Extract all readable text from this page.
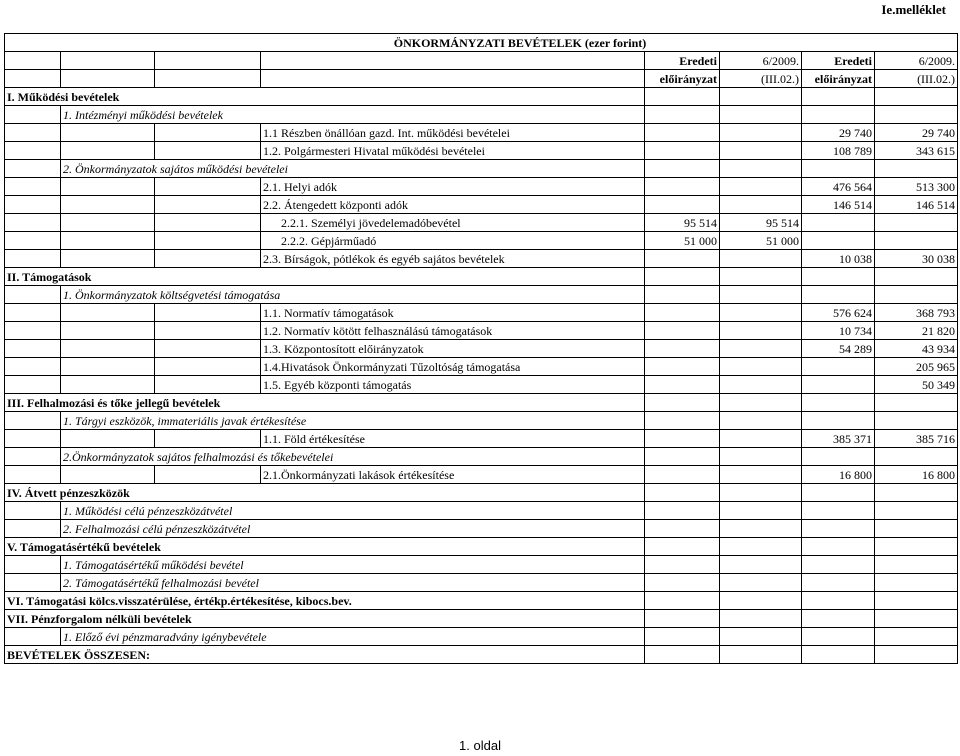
Ie.melléklet
ÖNKORMÁNYZATI BEVÉTELEK (ezer forint)							
				Eredeti	6/2009.	Eredeti	6/2009.
				előirányzat	(III.02.)	előirányzat	(III.02.)
I. Működési bevételek							
	1. Intézményi működési bevételek						
			1.1 Részben önállóan gazd. Int. működési bevételei			29 740	29 740
			1.2. Polgármesteri Hivatal működési bevételei			108 789	343 615
	2. Önkormányzatok sajátos működési bevételei						
			2.1. Helyi adók			476 564	513 300
			2.2. Átengedett központi adók			146 514	146 514
			2.2.1. Személyi jövedelemadóbevétel	95 514	95 514		
			2.2.2. Gépjárműadó	51 000	51 000		
			2.3. Bírságok, pótlékok és egyéb sajátos bevételek			10 038	30 038
II. Támogatások							
	1. Önkormányzatok költségvetési támogatása						
			1.1. Normatív támogatások			576 624	368 793
			1.2. Normatív kötött felhasználású támogatások			10 734	21 820
			1.3. Központosított előirányzatok			54 289	43 934
			1.4.Hivatások Önkormányzati Tűzoltóság támogatása				205 965
			1.5. Egyéb központi támogatás				50 349
III. Felhalmozási és tőke jellegű bevételek							
	1. Tárgyi eszközök, immateriális javak értékesítése						
			1.1. Föld értékesítése			385 371	385 716
	2.Önkormányzatok sajátos felhalmozási és tőkebevételei						
			2.1.Önkormányzati lakások értékesítése			16 800	16 800
IV. Átvett pénzeszközök							
	1. Működési célú pénzeszközátvétel						
	2. Felhalmozási célú pénzeszközátvétel						
V. Támogatásértékű bevételek							
	1. Támogatásértékű működési bevétel						
	2. Támogatásértékű felhalmozási bevétel						
VI. Támogatási kölcs.visszatérülése, értékp.értékesítése, kibocs.bev.							
VII. Pénzforgalom nélküli bevételek							
	1. Előző évi pénzmaradvány igénybevétele						
BEVÉTELEK ÖSSZESEN:							
1. oldal
